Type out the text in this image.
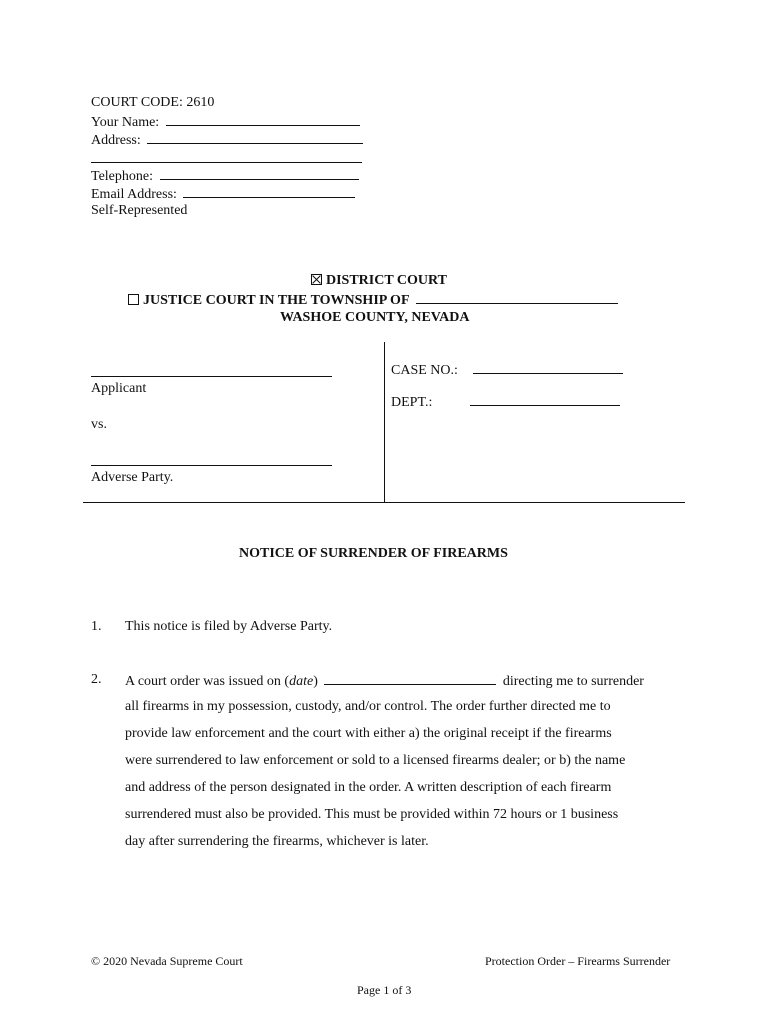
COURT CODE: 2610
Your Name:
Address:
Telephone:
Email Address:
Self-Represented
DISTRICT COURT
JUSTICE COURT IN THE TOWNSHIP OF
WASHOE COUNTY, NEVADA
Applicant
vs.
Adverse Party.
CASE NO.:
DEPT.:
NOTICE OF SURRENDER OF FIREARMS
1. This notice is filed by Adverse Party.
2. A court order was issued on (date)	directing me to surrender
all firearms in my possession, custody, and/or control. The order further directed me to
provide law enforcement and the court with either a) the original receipt if the firearms
were surrendered to law enforcement or sold to a licensed firearms dealer; or b) the name
and address of the person designated in the order. A written description of each firearm
surrendered must also be provided. This must be provided within 72 hours or 1 business
day after surrendering the firearms, whichever is later.
© 2020 Nevada Supreme Court	Protection Order – Firearms Surrender
Page 1 of 3
